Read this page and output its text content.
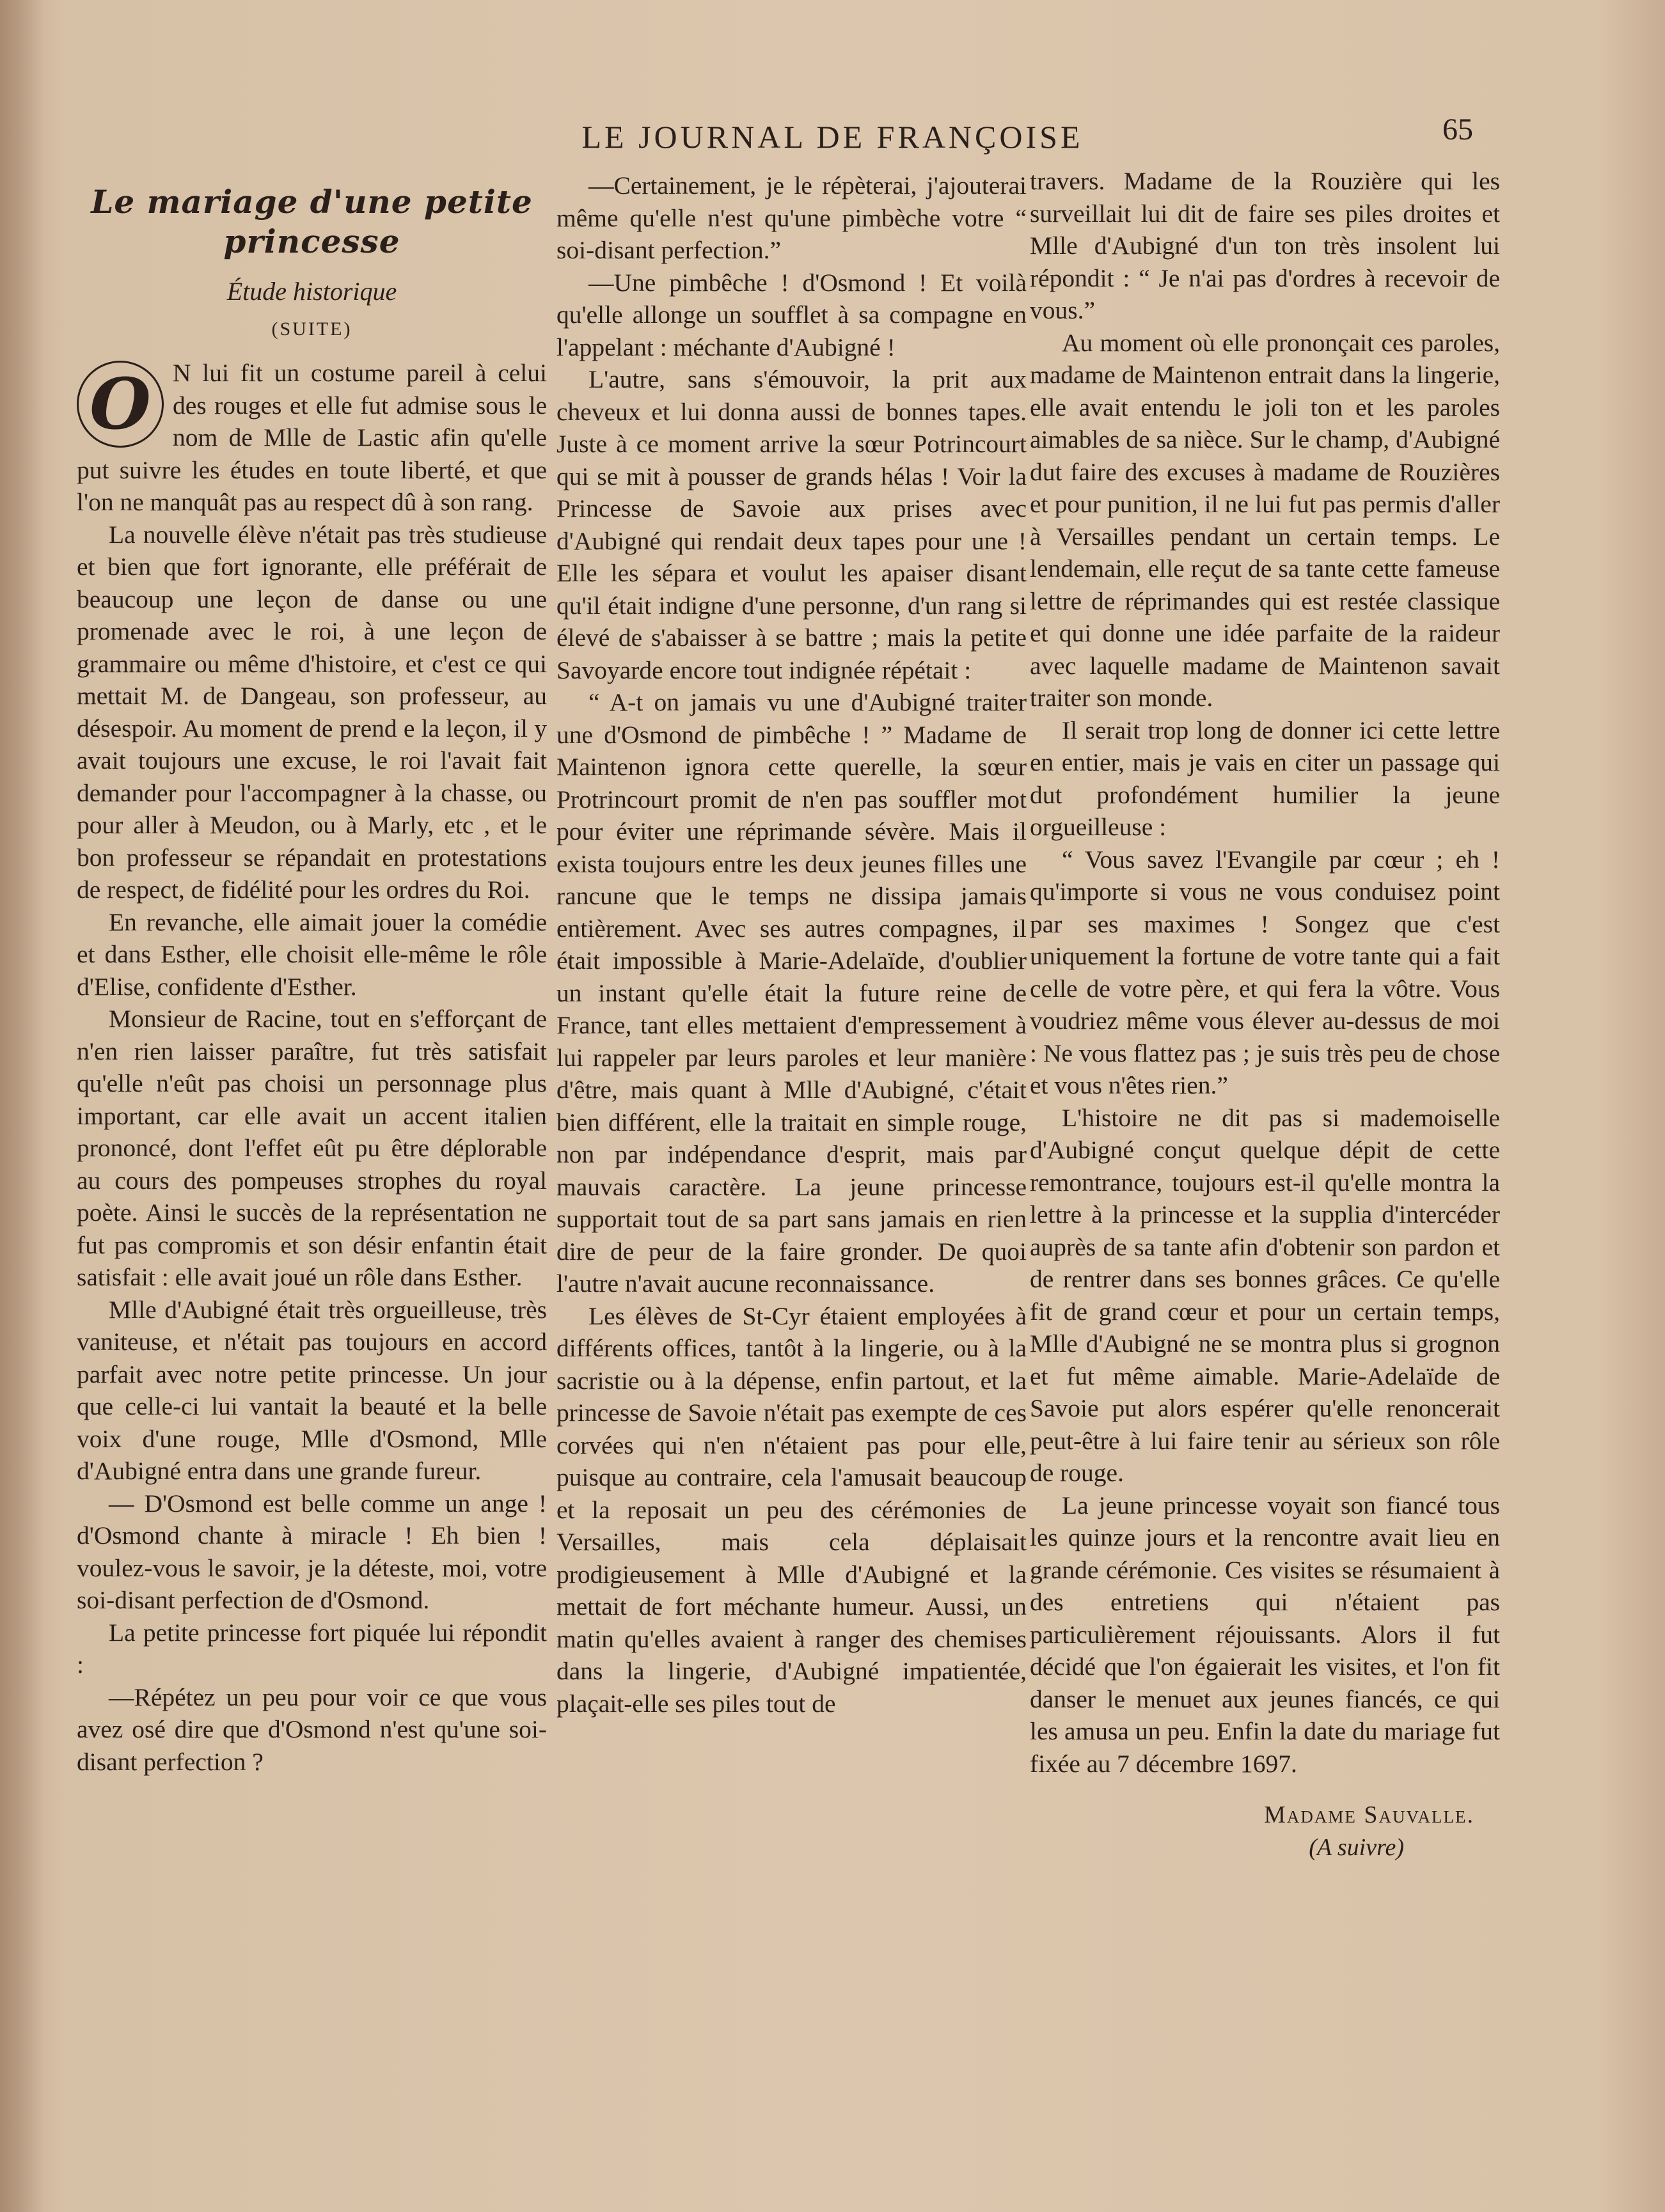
LE JOURNAL DE FRANÇOISE	65
Le mariage d'une petite princesse
Étude historique
(SUITE)

O N lui fit un costume pareil à celui des rouges et elle fut admise sous le nom de Mlle de Lastic afin qu'elle put suivre les études en toute liberté, et que l'on ne manquât pas au respect dû à son rang.

La nouvelle élève n'était pas très studieuse et bien que fort ignorante, elle préférait de beaucoup une leçon de danse ou une promenade avec le roi, à une leçon de grammaire ou même d'histoire, et c'est ce qui mettait M. de Dangeau, son professeur, au désespoir. Au moment de prend e la leçon, il y avait toujours une excuse, le roi l'avait fait demander pour l'accompagner à la chasse, ou pour aller à Meudon, ou à Marly, etc , et le bon professeur se répandait en protestations de respect, de fidélité pour les ordres du Roi.

En revanche, elle aimait jouer la comédie et dans Esther, elle choisit elle-même le rôle d'Elise, confidente d'Esther.

Monsieur de Racine, tout en s'efforçant de n'en rien laisser paraître, fut très satisfait qu'elle n'eût pas choisi un personnage plus important, car elle avait un accent italien prononcé, dont l'effet eût pu être déplorable au cours des pompeuses strophes du royal poète. Ainsi le succès de la représentation ne fut pas compromis et son désir enfantin était satisfait : elle avait joué un rôle dans Esther.

Mlle d'Aubigné était très orgueilleuse, très vaniteuse, et n'était pas toujours en accord parfait avec notre petite princesse. Un jour que celle-ci lui vantait la beauté et la belle voix d'une rouge, Mlle d'Osmond, Mlle d'Aubigné entra dans une grande fureur.

— D'Osmond est belle comme un ange ! d'Osmond chante à miracle ! Eh bien ! voulez-vous le savoir, je la déteste, moi, votre soi-disant perfection de d'Osmond.

La petite princesse fort piquée lui répondit :

—Répétez un peu pour voir ce que vous avez osé dire que d'Osmond n'est qu'une soi-disant perfection ?

—Certainement, je le répèterai, j'ajouterai même qu'elle n'est qu'une pimbèche votre “ soi-disant perfection.”

—Une pimbêche ! d'Osmond ! Et voilà qu'elle allonge un soufflet à sa compagne en l'appelant : méchante d'Aubigné !

L'autre, sans s'émouvoir, la prit aux cheveux et lui donna aussi de bonnes tapes. Juste à ce moment arrive la sœur Potrincourt qui se mit à pousser de grands hélas ! Voir la Princesse de Savoie aux prises avec d'Aubigné qui rendait deux tapes pour une ! Elle les sépara et voulut les apaiser disant qu'il était indigne d'une personne, d'un rang si élevé de s'abaisser à se battre ; mais la petite Savoyarde encore tout indignée répétait :

“ A-t on jamais vu une d'Aubigné traiter une d'Osmond de pimbêche ! ” Madame de Maintenon ignora cette querelle, la sœur Protrincourt promit de n'en pas souffler mot pour éviter une réprimande sévère. Mais il exista toujours entre les deux jeunes filles une rancune que le temps ne dissipa jamais entièrement. Avec ses autres compagnes, il était impossible à Marie-Adelaïde, d'oublier un instant qu'elle était la future reine de France, tant elles mettaient d'empressement à lui rappeler par leurs paroles et leur manière d'être, mais quant à Mlle d'Aubigné, c'était bien différent, elle la traitait en simple rouge, non par indépendance d'esprit, mais par mauvais caractère. La jeune princesse supportait tout de sa part sans jamais en rien dire de peur de la faire gronder. De quoi l'autre n'avait aucune reconnaissance.

Les élèves de St-Cyr étaient employées à différents offices, tantôt à la lingerie, ou à la sacristie ou à la dépense, enfin partout, et la princesse de Savoie n'était pas exempte de ces corvées qui n'en n'étaient pas pour elle, puisque au contraire, cela l'amusait beaucoup et la reposait un peu des cérémonies de Versailles, mais cela déplaisait prodigieusement à Mlle d'Aubigné et la mettait de fort méchante humeur. Aussi, un matin qu'elles avaient à ranger des chemises dans la lingerie, d'Aubigné impatientée, plaçait-elle ses piles tout de

travers. Madame de la Rouzière qui les surveillait lui dit de faire ses piles droites et Mlle d'Aubigné d'un ton très insolent lui répondit : “ Je n'ai pas d'ordres à recevoir de vous.”

Au moment où elle prononçait ces paroles, madame de Maintenon entrait dans la lingerie, elle avait entendu le joli ton et les paroles aimables de sa nièce. Sur le champ, d'Aubigné dut faire des excuses à madame de Rouzières et pour punition, il ne lui fut pas permis d'aller à Versailles pendant un certain temps. Le lendemain, elle reçut de sa tante cette fameuse lettre de réprimandes qui est restée classique et qui donne une idée parfaite de la raideur avec laquelle madame de Maintenon savait traiter son monde.

Il serait trop long de donner ici cette lettre en entier, mais je vais en citer un passage qui dut profondément humilier la jeune orgueilleuse :

“ Vous savez l'Evangile par cœur ; eh ! qu'importe si vous ne vous conduisez point par ses maximes ! Songez que c'est uniquement la fortune de votre tante qui a fait celle de votre père, et qui fera la vôtre. Vous voudriez même vous élever au-dessus de moi : Ne vous flattez pas ; je suis très peu de chose et vous n'êtes rien.”

L'histoire ne dit pas si mademoiselle d'Aubigné conçut quelque dépit de cette remontrance, toujours est-il qu'elle montra la lettre à la princesse et la supplia d'intercéder auprès de sa tante afin d'obtenir son pardon et de rentrer dans ses bonnes grâces. Ce qu'elle fit de grand cœur et pour un certain temps, Mlle d'Aubigné ne se montra plus si grognon et fut même aimable. Marie-Adelaïde de Savoie put alors espérer qu'elle renoncerait peut-être à lui faire tenir au sérieux son rôle de rouge.

La jeune princesse voyait son fiancé tous les quinze jours et la rencontre avait lieu en grande cérémonie. Ces visites se résumaient à des entretiens qui n'étaient pas particulièrement réjouissants. Alors il fut décidé que l'on égaierait les visites, et l'on fit danser le menuet aux jeunes fiancés, ce qui les amusa un peu. Enfin la date du mariage fut fixée au 7 décembre 1697.

Madame Sauvalle.
(A suivre)
